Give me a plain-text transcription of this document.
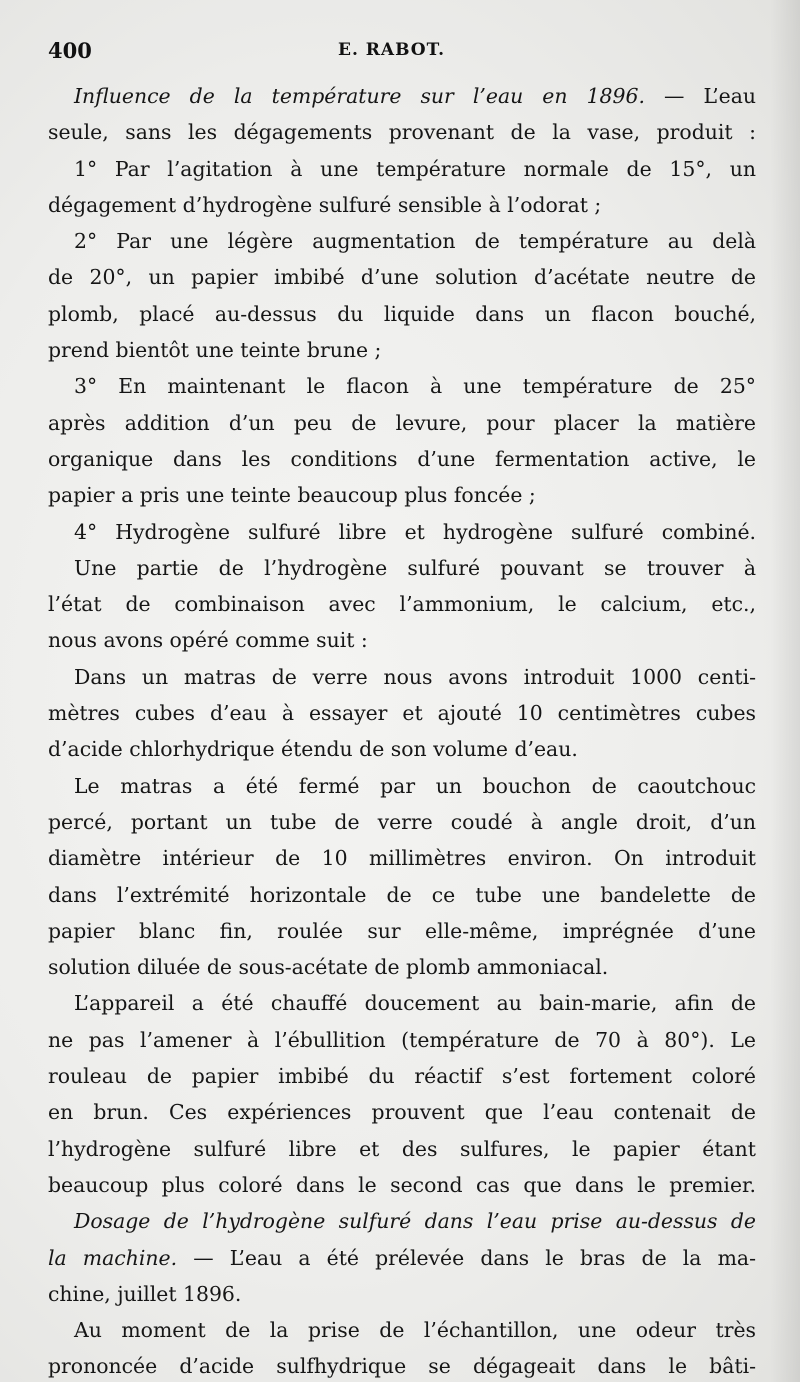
400	E. RABOT.
Influence de la température sur l’eau en 1896. — L’eau
seule, sans les dégagements provenant de la vase, produit :
1° Par l’agitation à une température normale de 15°, un
dégagement d’hydrogène sulfuré sensible à l’odorat ;
2° Par une légère augmentation de température au delà
de 20°, un papier imbibé d’une solution d’acétate neutre de
plomb, placé au-dessus du liquide dans un flacon bouché,
prend bientôt une teinte brune ;
3° En maintenant le flacon à une température de 25°
après addition d’un peu de levure, pour placer la matière
organique dans les conditions d’une fermentation active, le
papier a pris une teinte beaucoup plus foncée ;
4° Hydrogène sulfuré libre et hydrogène sulfuré combiné.
Une partie de l’hydrogène sulfuré pouvant se trouver à
l’état de combinaison avec l’ammonium, le calcium, etc.,
nous avons opéré comme suit :
Dans un matras de verre nous avons introduit 1000 centi-
mètres cubes d’eau à essayer et ajouté 10 centimètres cubes
d’acide chlorhydrique étendu de son volume d’eau.
Le matras a été fermé par un bouchon de caoutchouc
percé, portant un tube de verre coudé à angle droit, d’un
diamètre intérieur de 10 millimètres environ. On introduit
dans l’extrémité horizontale de ce tube une bandelette de
papier blanc fin, roulée sur elle-même, imprégnée d’une
solution diluée de sous-acétate de plomb ammoniacal.
L’appareil a été chauffé doucement au bain-marie, afin de
ne pas l’amener à l’ébullition (température de 70 à 80°). Le
rouleau de papier imbibé du réactif s’est fortement coloré
en brun. Ces expériences prouvent que l’eau contenait de
l’hydrogène sulfuré libre et des sulfures, le papier étant
beaucoup plus coloré dans le second cas que dans le premier.
Dosage de l’hydrogène sulfuré dans l’eau prise au-dessus de
la machine. — L’eau a été prélevée dans le bras de la ma-
chine, juillet 1896.
Au moment de la prise de l’échantillon, une odeur très
prononcée d’acide sulfhydrique se dégageait dans le bâti-
